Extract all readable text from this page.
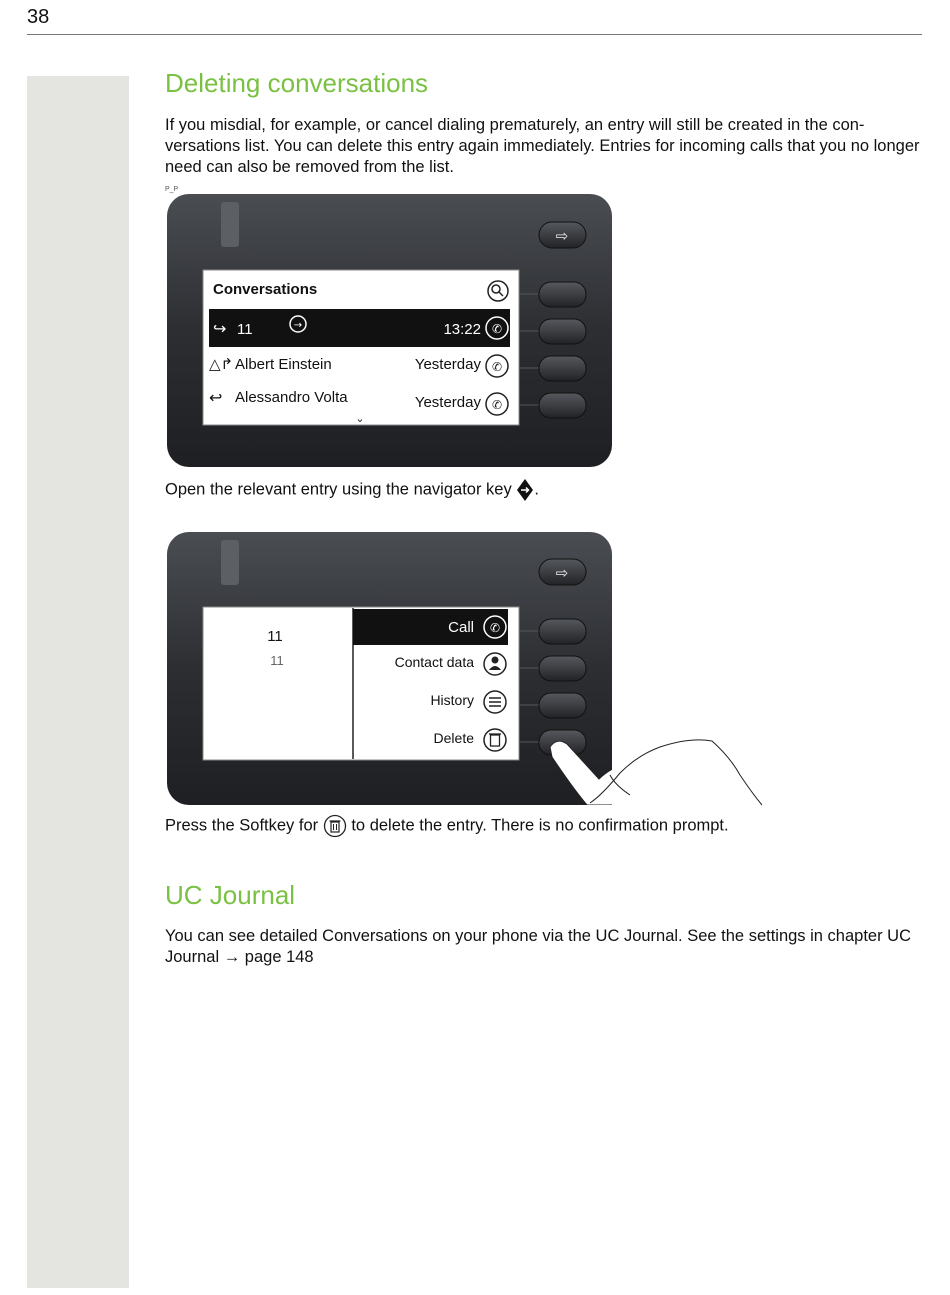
38
Deleting conversations

If you misdial, for example, or cancel dialing prematurely, an entry will still be created in the con-versations list. You can delete this entry again immediately. Entries for incoming calls that you no longer need can also be removed from the list.

P_P
⇨
Conversations
↪ 11	→	13:22 ✆
△↱ Albert Einstein	Yesterday ✆
↩ Alessandro Volta	Yesterday ✆
⌄

Open the relevant entry using the navigator key .

⇨
11
11
Call ✆
Contact data
History
Delete

Press the Softkey for to delete the entry. There is no confirmation prompt.

UC Journal

You can see detailed Conversations on your phone via the UC Journal. See the settings in chapter UC Journal → page 148
